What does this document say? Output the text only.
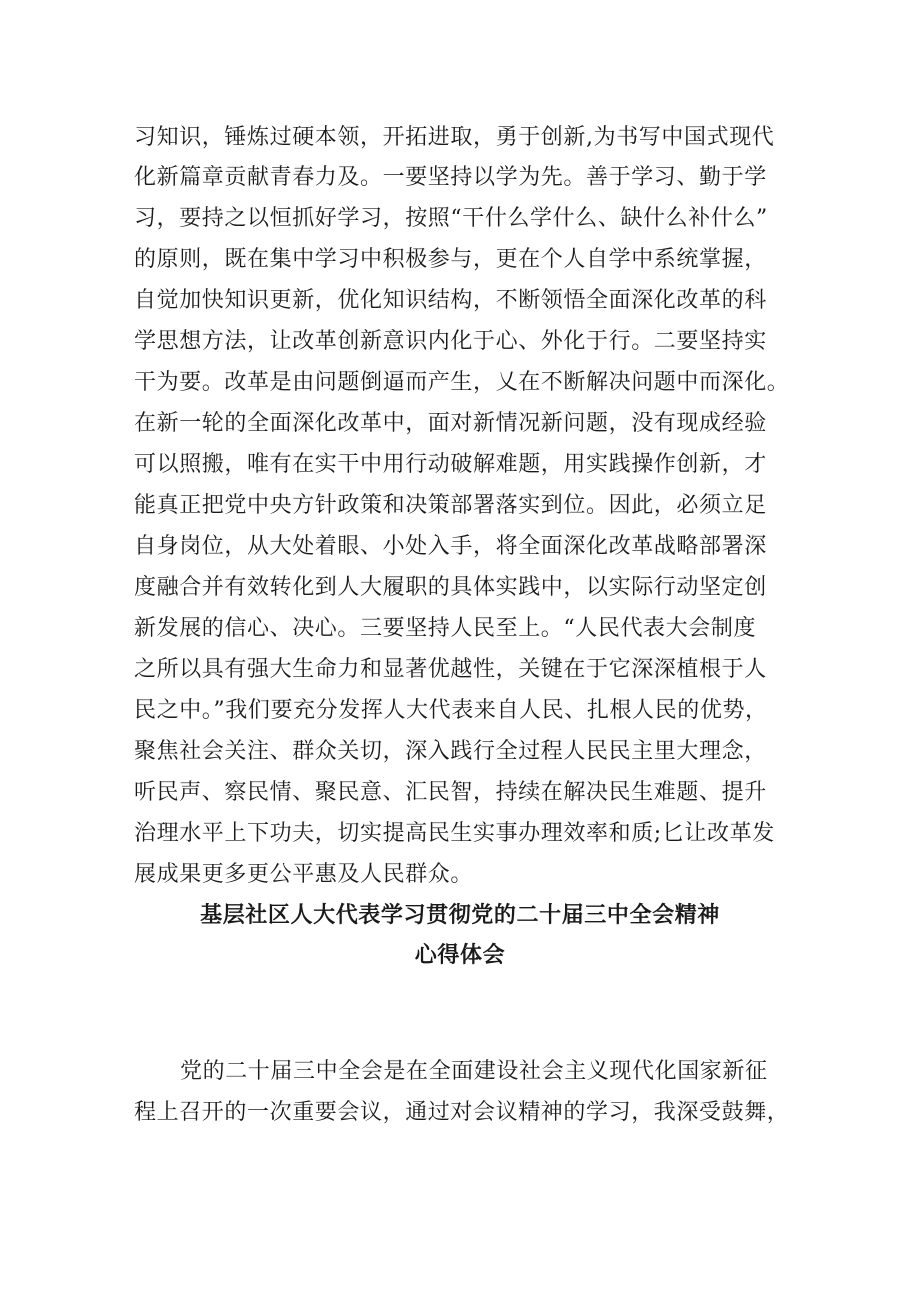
习知识，锤炼过硬本领，开拓进取，勇于创新,为书写中国式现代
化新篇章贡献青春力及。一要坚持以学为先。善于学习、勤于学
习，要持之以恒抓好学习，按照“干什么学什么、缺什么补什么”
的原则，既在集中学习中积极参与，更在个人自学中系统掌握，
自觉加快知识更新，优化知识结构，不断领悟全面深化改革的科
学思想方法，让改革创新意识内化于心、外化于行。二要坚持实
干为要。改革是由问题倒逼而产生，乂在不断解决问题中而深化。
在新一轮的全面深化改革中，面对新情况新问题，没有现成经验
可以照搬，唯有在实干中用行动破解难题，用实践操作创新，才
能真正把党中央方针政策和决策部署落实到位。因此，必须立足
自身岗位，从大处着眼、小处入手，将全面深化改革战略部署深
度融合并有效转化到人大履职的具体实践中，以实际行动坚定创
新发展的信心、决心。三要坚持人民至上。“人民代表大会制度
之所以具有强大生命力和显著优越性，关键在于它深深植根于人
民之中。”我们要充分发挥人大代表来自人民、扎根人民的优势，
聚焦社会关注、群众关切，深入践行全过程人民民主里大理念，
听民声、察民情、聚民意、汇民智，持续在解决民生难题、提升
治理水平上下功夫，切实提高民生实事办理效率和质;匕让改革发
展成果更多更公平惠及人民群众。
基层社区人大代表学习贯彻党的二十届三中全会精神
心得体会
党的二十届三中全会是在全面建设社会主义现代化国家新征
程上召开的一次重要会议，通过对会议精神的学习，我深受鼓舞，
